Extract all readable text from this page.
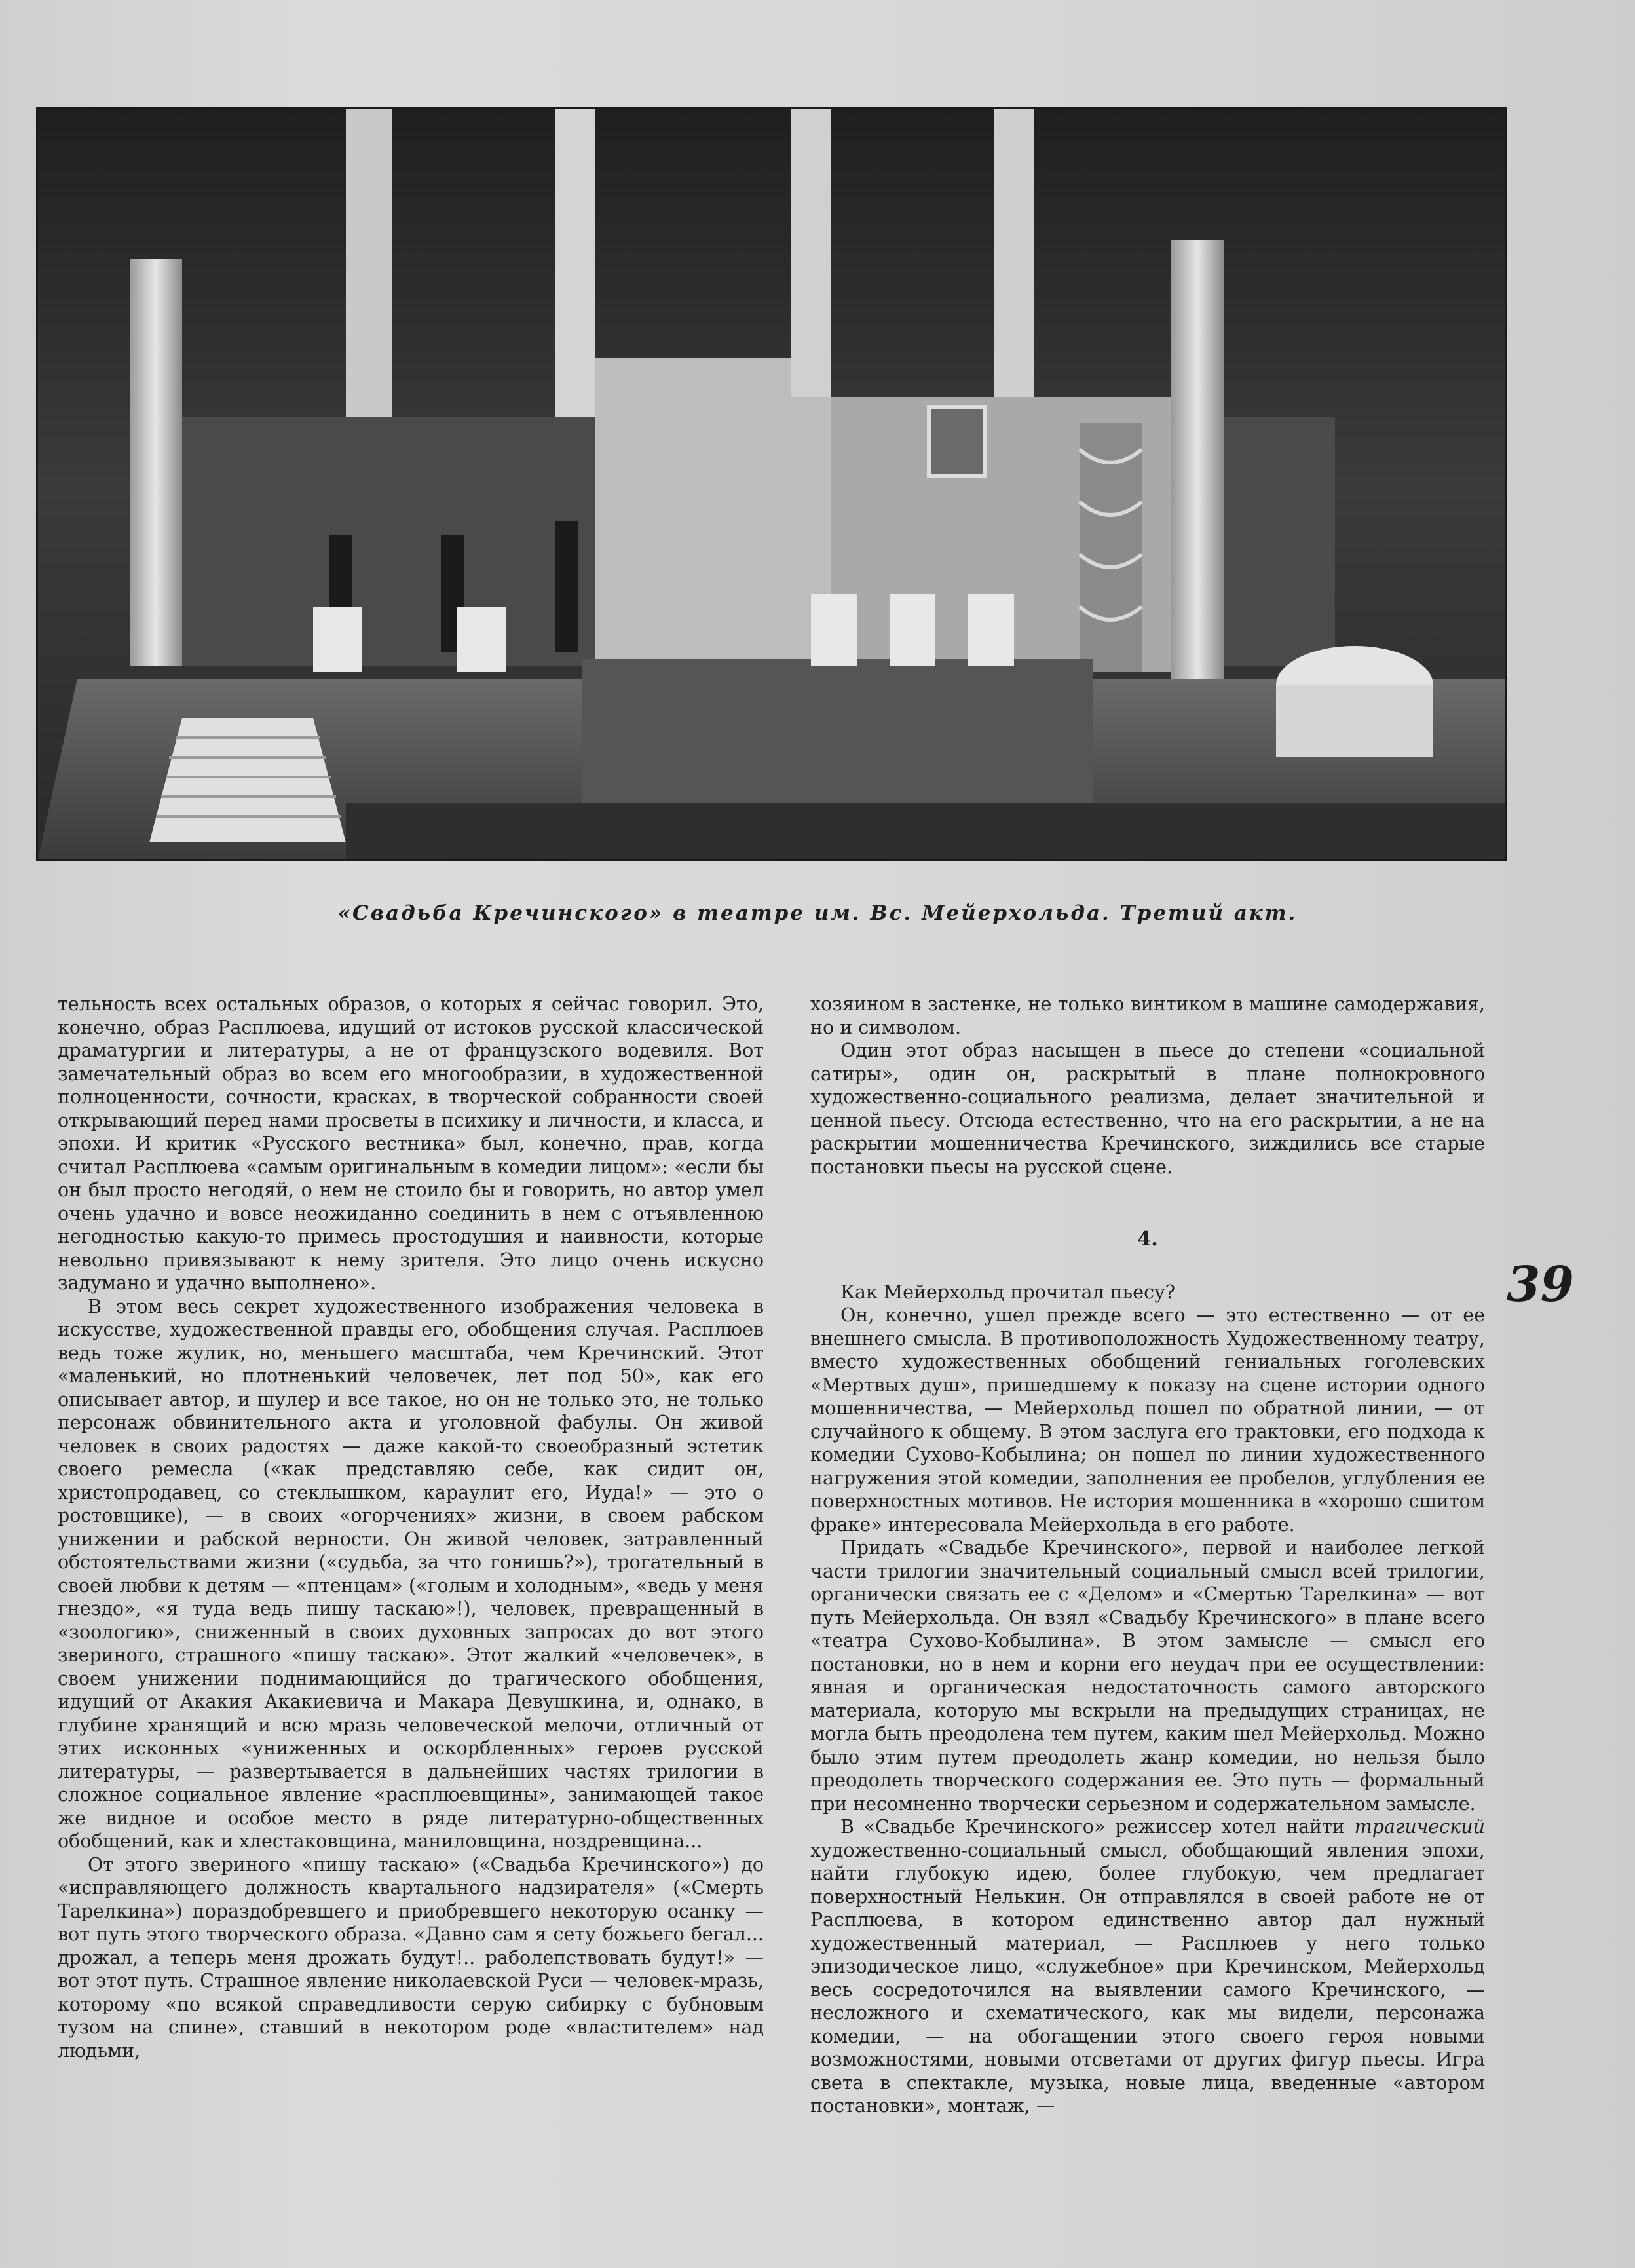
«Свадьба Кречинского» в театре им. Вс. Мейерхольда. Третий акт.

тельность всех остальных образов, о которых я сейчас говорил. Это, конечно, образ Расплюева, идущий от истоков русской классической драматургии и литературы, а не от французского водевиля. Вот замечательный образ во всем его многообразии, в художественной полноценности, сочности, красках, в творческой собранности своей открывающий перед нами просветы в психику и личности, и класса, и эпохи. И критик «Русского вестника» был, конечно, прав, когда считал Расплюева «самым оригинальным в комедии лицом»: «если бы он был просто негодяй, о нем не стоило бы и говорить, но автор умел очень удачно и вовсе неожиданно соединить в нем с отъявленною негодностью какую-то примесь простодушия и наивности, которые невольно привязывают к нему зрителя. Это лицо очень искусно задумано и удачно выполнено».

В этом весь секрет художественного изображения человека в искусстве, художественной правды его, обобщения случая. Расплюев ведь тоже жулик, но, меньшего масштаба, чем Кречинский. Этот «маленький, но плотненький человечек, лет под 50», как его описывает автор, и шулер и все такое, но он не только это, не только персонаж обвинительного акта и уголовной фабулы. Он живой человек в своих радостях — даже какой-то своеобразный эстетик своего ремесла («как представляю себе, как сидит он, христопродавец, со стеклышком, караулит его, Иуда!» — это о ростовщике), — в своих «огорчениях» жизни, в своем рабском унижении и рабской верности. Он живой человек, затравленный обстоятельствами жизни («судьба, за что гонишь?»), трогательный в своей любви к детям — «птенцам» («голым и холодным», «ведь у меня гнездо», «я туда ведь пишу таскаю»!), человек, превращенный в «зоологию», сниженный в своих духовных запросах до вот этого звериного, страшного «пишу таскаю». Этот жалкий «человечек», в своем унижении поднимающийся до трагического обобщения, идущий от Акакия Акакиевича и Макара Девушкина, и, однако, в глубине хранящий и всю мразь человеческой мелочи, отличный от этих исконных «униженных и оскорбленных» героев русской литературы, — развертывается в дальнейших частях трилогии в сложное социальное явление «расплюевщины», занимающей такое же видное и особое место в ряде литературно-общественных обобщений, как и хлестаковщина, маниловщина, ноздревщина...

От этого звериного «пишу таскаю» («Свадьба Кречинского») до «исправляющего должность квартального надзирателя» («Смерть Тарелкина») пораздобревшего и приобревшего некоторую осанку — вот путь этого творческого образа. «Давно сам я сету божьего бегал... дрожал, а теперь меня дрожать будут!.. раболепствовать будут!» — вот этот путь. Страшное явление николаевской Руси — человек-мразь, которому «по всякой справедливости серую сибирку с бубновым тузом на спине», ставший в некотором роде «властителем» над людьми,

хозяином в застенке, не только винтиком в машине самодержавия, но и символом.

Один этот образ насыщен в пьесе до степени «социальной сатиры», один он, раскрытый в плане полнокровного художественно-социального реализма, делает значительной и ценной пьесу. Отсюда естественно, что на его раскрытии, а не на раскрытии мошенничества Кречинского, зиждились все старые постановки пьесы на русской сцене.

4.

Как Мейерхольд прочитал пьесу?

Он, конечно, ушел прежде всего — это естественно — от ее внешнего смысла. В противоположность Художественному театру, вместо художественных обобщений гениальных гоголевских «Мертвых душ», пришедшему к показу на сцене истории одного мошенничества, — Мейерхольд пошел по обратной линии, — от случайного к общему. В этом заслуга его трактовки, его подхода к комедии Сухово-Кобылина; он пошел по линии художественного нагружения этой комедии, заполнения ее пробелов, углубления ее поверхностных мотивов. Не история мошенника в «хорошо сшитом фраке» интересовала Мейерхольда в его работе.

Придать «Свадьбе Кречинского», первой и наиболее легкой части трилогии значительный социальный смысл всей трилогии, органически связать ее с «Делом» и «Смертью Тарелкина» — вот путь Мейерхольда. Он взял «Свадьбу Кречинского» в плане всего «театра Сухово-Кобылина». В этом замысле — смысл его постановки, но в нем и корни его неудач при ее осуществлении: явная и органическая недостаточность самого авторского материала, которую мы вскрыли на предыдущих страницах, не могла быть преодолена тем путем, каким шел Мейерхольд. Можно было этим путем преодолеть жанр комедии, но нельзя было преодолеть творческого содержания ее. Это путь — формальный при несомненно творчески серьезном и содержательном замысле.

В «Свадьбе Кречинского» режиссер хотел найти трагический художественно-социальный смысл, обобщающий явления эпохи, найти глубокую идею, более глубокую, чем предлагает поверхностный Нелькин. Он отправлялся в своей работе не от Расплюева, в котором единственно автор дал нужный художественный материал, — Расплюев у него только эпизодическое лицо, «служебное» при Кречинском, Мейерхольд весь сосредоточился на выявлении самого Кречинского, — несложного и схематического, как мы видели, персонажа комедии, — на обогащении этого своего героя новыми возможностями, новыми отсветами от других фигур пьесы. Игра света в спектакле, музыка, новые лица, введенные «автором постановки», монтаж, —

39
